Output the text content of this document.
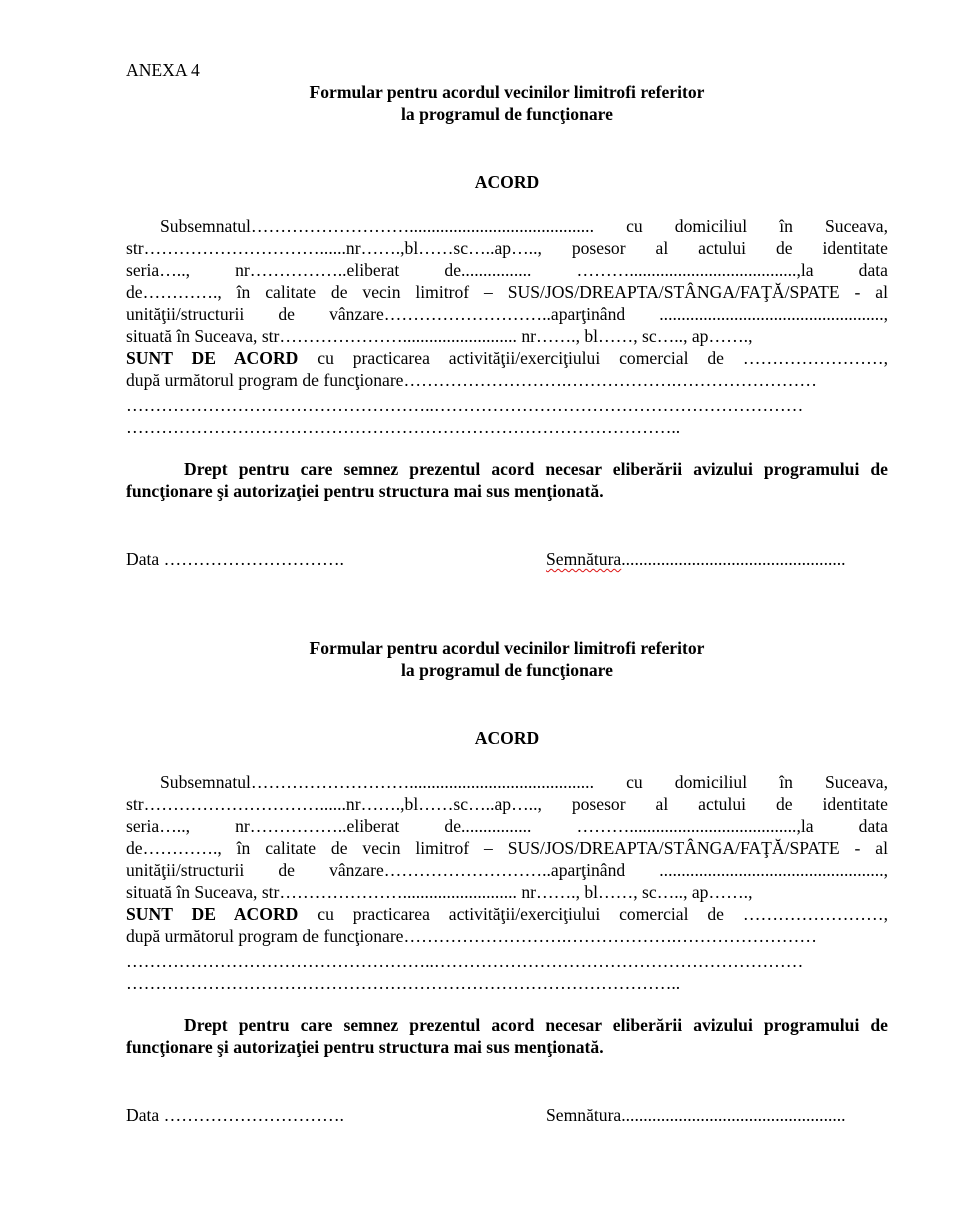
ANEXA 4
Formular pentru acordul vecinilor limitrofi referitor
la programul de funcţionare
ACORD
Subsemnatul……………………….......................................... cu domiciliul în Suceava,
str…………………………......nr…….,bl……sc…..ap….., posesor al actului de identitate
seria….., nr……………..eliberat de................ ………......................................,la data
de…………., în calitate de vecin limitrof – SUS/JOS/DREAPTA/STÂNGA/FAŢĂ/SPATE - al
unităţii/structurii de vânzare………………………..aparţinând ...................................................,
situată în Suceava, str………………….......................... nr……., bl……, sc….., ap…….,
SUNT DE ACORD cu practicarea activităţii/exerciţiului comercial de ……………………,
după următorul program de funcţionare……………………….……………….……………………
……………………………………………..………………………………………………………
…………………………………………………………………………………..
Drept pentru care semnez prezentul acord necesar eliberării avizului programului de
funcţionare şi autorizaţiei pentru structura mai sus menţionată.
Data ………………………….	Semnătura...................................................
Formular pentru acordul vecinilor limitrofi referitor
la programul de funcţionare
ACORD
Subsemnatul……………………….......................................... cu domiciliul în Suceava,
str…………………………......nr…….,bl……sc…..ap….., posesor al actului de identitate
seria….., nr……………..eliberat de................ ………......................................,la data
de…………., în calitate de vecin limitrof – SUS/JOS/DREAPTA/STÂNGA/FAŢĂ/SPATE - al
unităţii/structurii de vânzare………………………..aparţinând ...................................................,
situată în Suceava, str………………….......................... nr……., bl……, sc….., ap…….,
SUNT DE ACORD cu practicarea activităţii/exerciţiului comercial de ……………………,
după următorul program de funcţionare……………………….……………….……………………
……………………………………………..………………………………………………………
…………………………………………………………………………………..
Drept pentru care semnez prezentul acord necesar eliberării avizului programului de
funcţionare şi autorizaţiei pentru structura mai sus menţionată.
Data ………………………….	Semnătura...................................................
